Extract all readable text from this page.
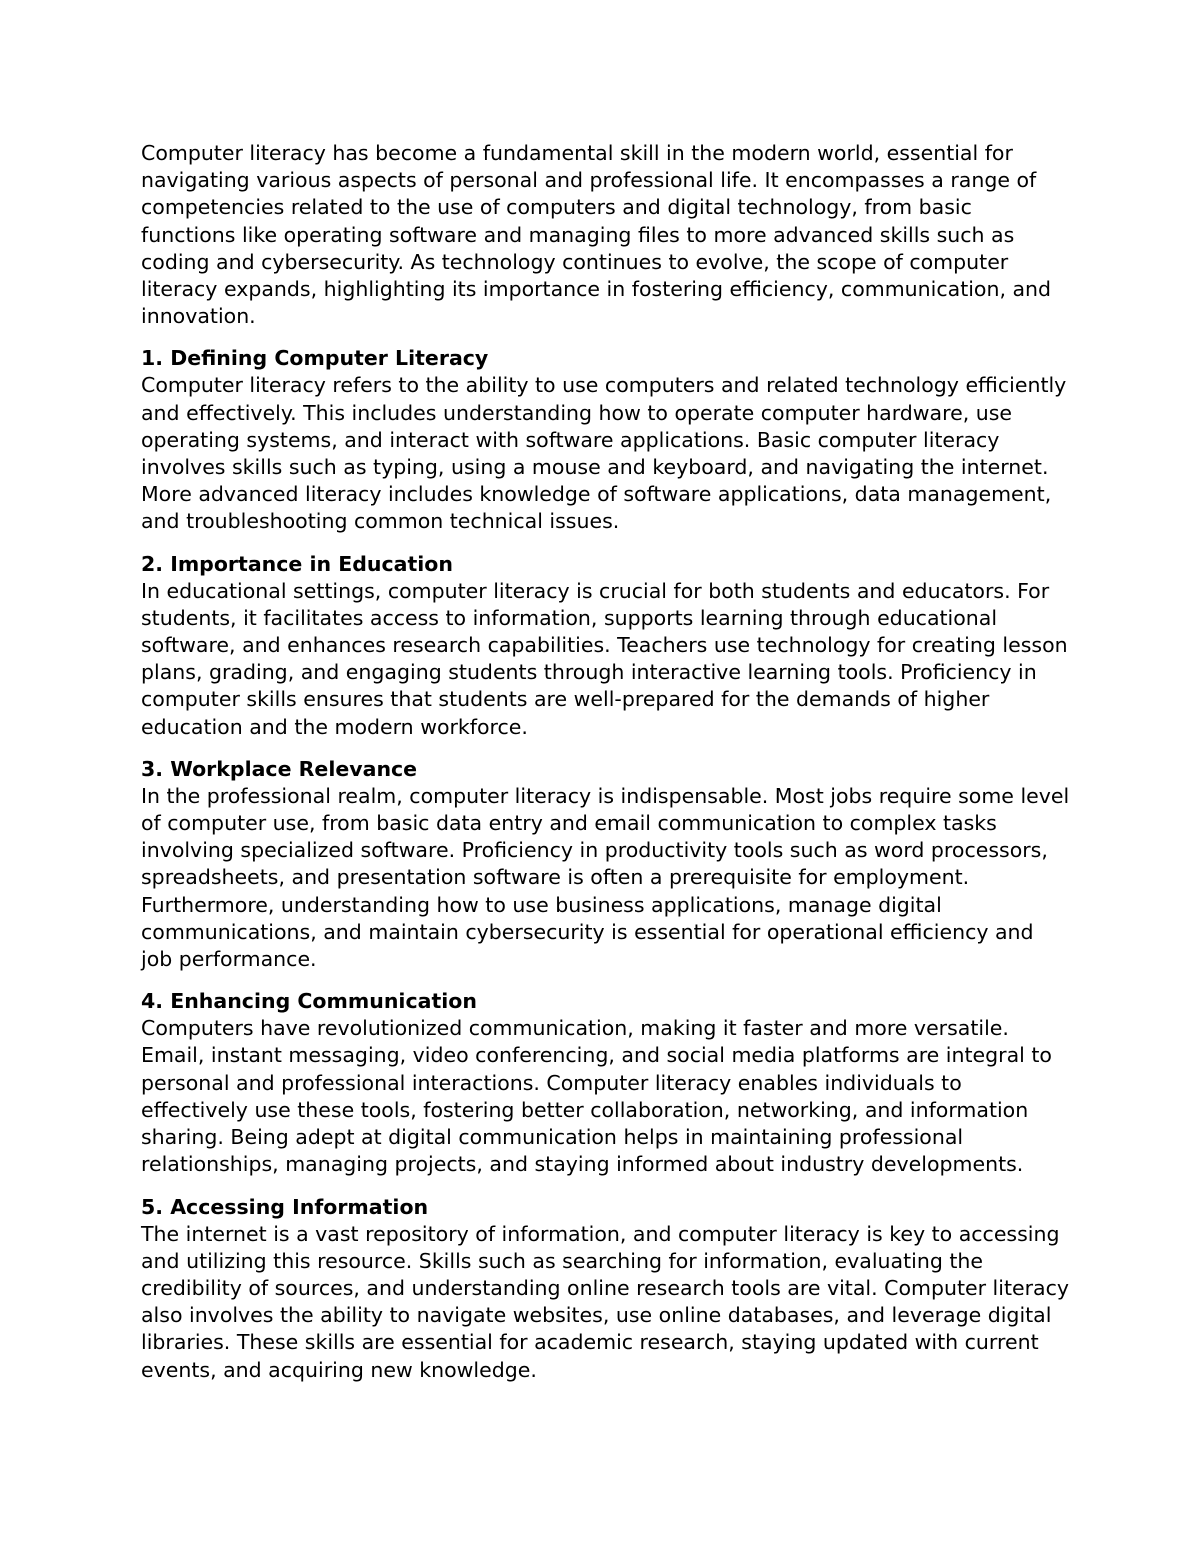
Computer literacy has become a fundamental skill in the modern world, essential for navigating various aspects of personal and professional life. It encompasses a range of competencies related to the use of computers and digital technology, from basic functions like operating software and managing files to more advanced skills such as coding and cybersecurity. As technology continues to evolve, the scope of computer literacy expands, highlighting its importance in fostering efficiency, communication, and innovation.

1. Defining Computer Literacy

Computer literacy refers to the ability to use computers and related technology efficiently and effectively. This includes understanding how to operate computer hardware, use operating systems, and interact with software applications. Basic computer literacy involves skills such as typing, using a mouse and keyboard, and navigating the internet. More advanced literacy includes knowledge of software applications, data management, and troubleshooting common technical issues.

2. Importance in Education

In educational settings, computer literacy is crucial for both students and educators. For students, it facilitates access to information, supports learning through educational software, and enhances research capabilities. Teachers use technology for creating lesson plans, grading, and engaging students through interactive learning tools. Proficiency in computer skills ensures that students are well-prepared for the demands of higher education and the modern workforce.

3. Workplace Relevance

In the professional realm, computer literacy is indispensable. Most jobs require some level of computer use, from basic data entry and email communication to complex tasks involving specialized software. Proficiency in productivity tools such as word processors, spreadsheets, and presentation software is often a prerequisite for employment. Furthermore, understanding how to use business applications, manage digital communications, and maintain cybersecurity is essential for operational efficiency and job performance.

4. Enhancing Communication

Computers have revolutionized communication, making it faster and more versatile. Email, instant messaging, video conferencing, and social media platforms are integral to personal and professional interactions. Computer literacy enables individuals to effectively use these tools, fostering better collaboration, networking, and information sharing. Being adept at digital communication helps in maintaining professional relationships, managing projects, and staying informed about industry developments.

5. Accessing Information

The internet is a vast repository of information, and computer literacy is key to accessing and utilizing this resource. Skills such as searching for information, evaluating the credibility of sources, and understanding online research tools are vital. Computer literacy also involves the ability to navigate websites, use online databases, and leverage digital libraries. These skills are essential for academic research, staying updated with current events, and acquiring new knowledge.
